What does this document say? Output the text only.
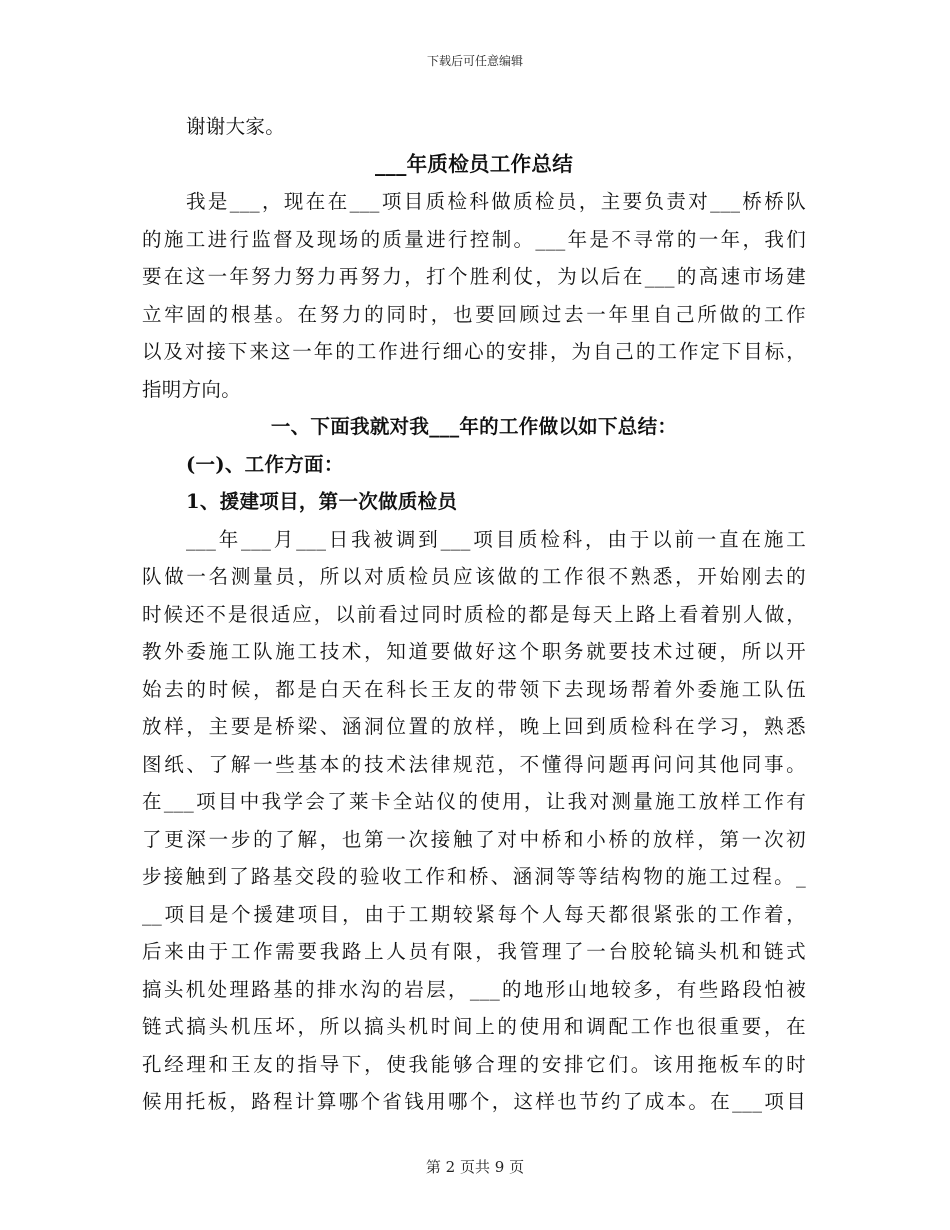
下载后可任意编辑
谢谢大家。
___年质检员工作总结
我是___，现在在___项目质检科做质检员，主要负责对___桥桥队
的施工进行监督及现场的质量进行控制。___年是不寻常的一年，我们
要在这一年努力努力再努力，打个胜利仗，为以后在___的高速市场建
立牢固的根基。在努力的同时，也要回顾过去一年里自己所做的工作
以及对接下来这一年的工作进行细心的安排，为自己的工作定下目标，
指明方向。
一、下面我就对我___年的工作做以如下总结：
(一)、工作方面：
1、援建项目，第一次做质检员
___年___月___日我被调到___项目质检科，由于以前一直在施工
队做一名测量员，所以对质检员应该做的工作很不熟悉，开始刚去的
时候还不是很适应，以前看过同时质检的都是每天上路上看着别人做，
教外委施工队施工技术，知道要做好这个职务就要技术过硬，所以开
始去的时候，都是白天在科长王友的带领下去现场帮着外委施工队伍
放样，主要是桥梁、涵洞位置的放样，晚上回到质检科在学习，熟悉
图纸、了解一些基本的技术法律规范，不懂得问题再问问其他同事。
在___项目中我学会了莱卡全站仪的使用，让我对测量施工放样工作有
了更深一步的了解，也第一次接触了对中桥和小桥的放样，第一次初
步接触到了路基交段的验收工作和桥、涵洞等等结构物的施工过程。_
__项目是个援建项目，由于工期较紧每个人每天都很紧张的工作着，
后来由于工作需要我路上人员有限，我管理了一台胶轮镐头机和链式
搞头机处理路基的排水沟的岩层，___的地形山地较多，有些路段怕被
链式搞头机压坏，所以搞头机时间上的使用和调配工作也很重要，在
孔经理和王友的指导下，使我能够合理的安排它们。该用拖板车的时
候用托板，路程计算哪个省钱用哪个，这样也节约了成本。在___项目
第 2 页共 9 页
